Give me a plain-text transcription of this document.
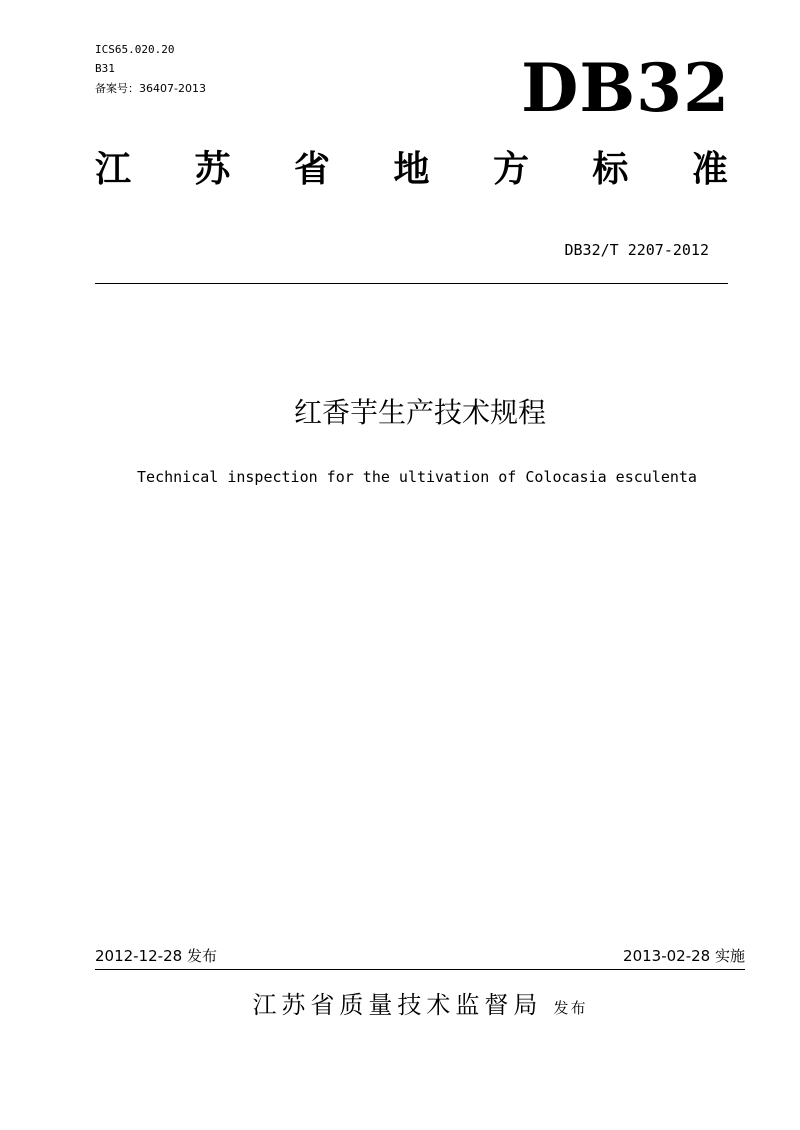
ICS65.020.20
B31
备案号：36407-2013	DB32
江 苏 省 地 方 标 准
DB32/T 2207-2012
红香芋生产技术规程
Technical inspection for the ultivation of Colocasia esculenta
2012-12-28 发布	2013-02-28 实施
江苏省质量技术监督局 发布
